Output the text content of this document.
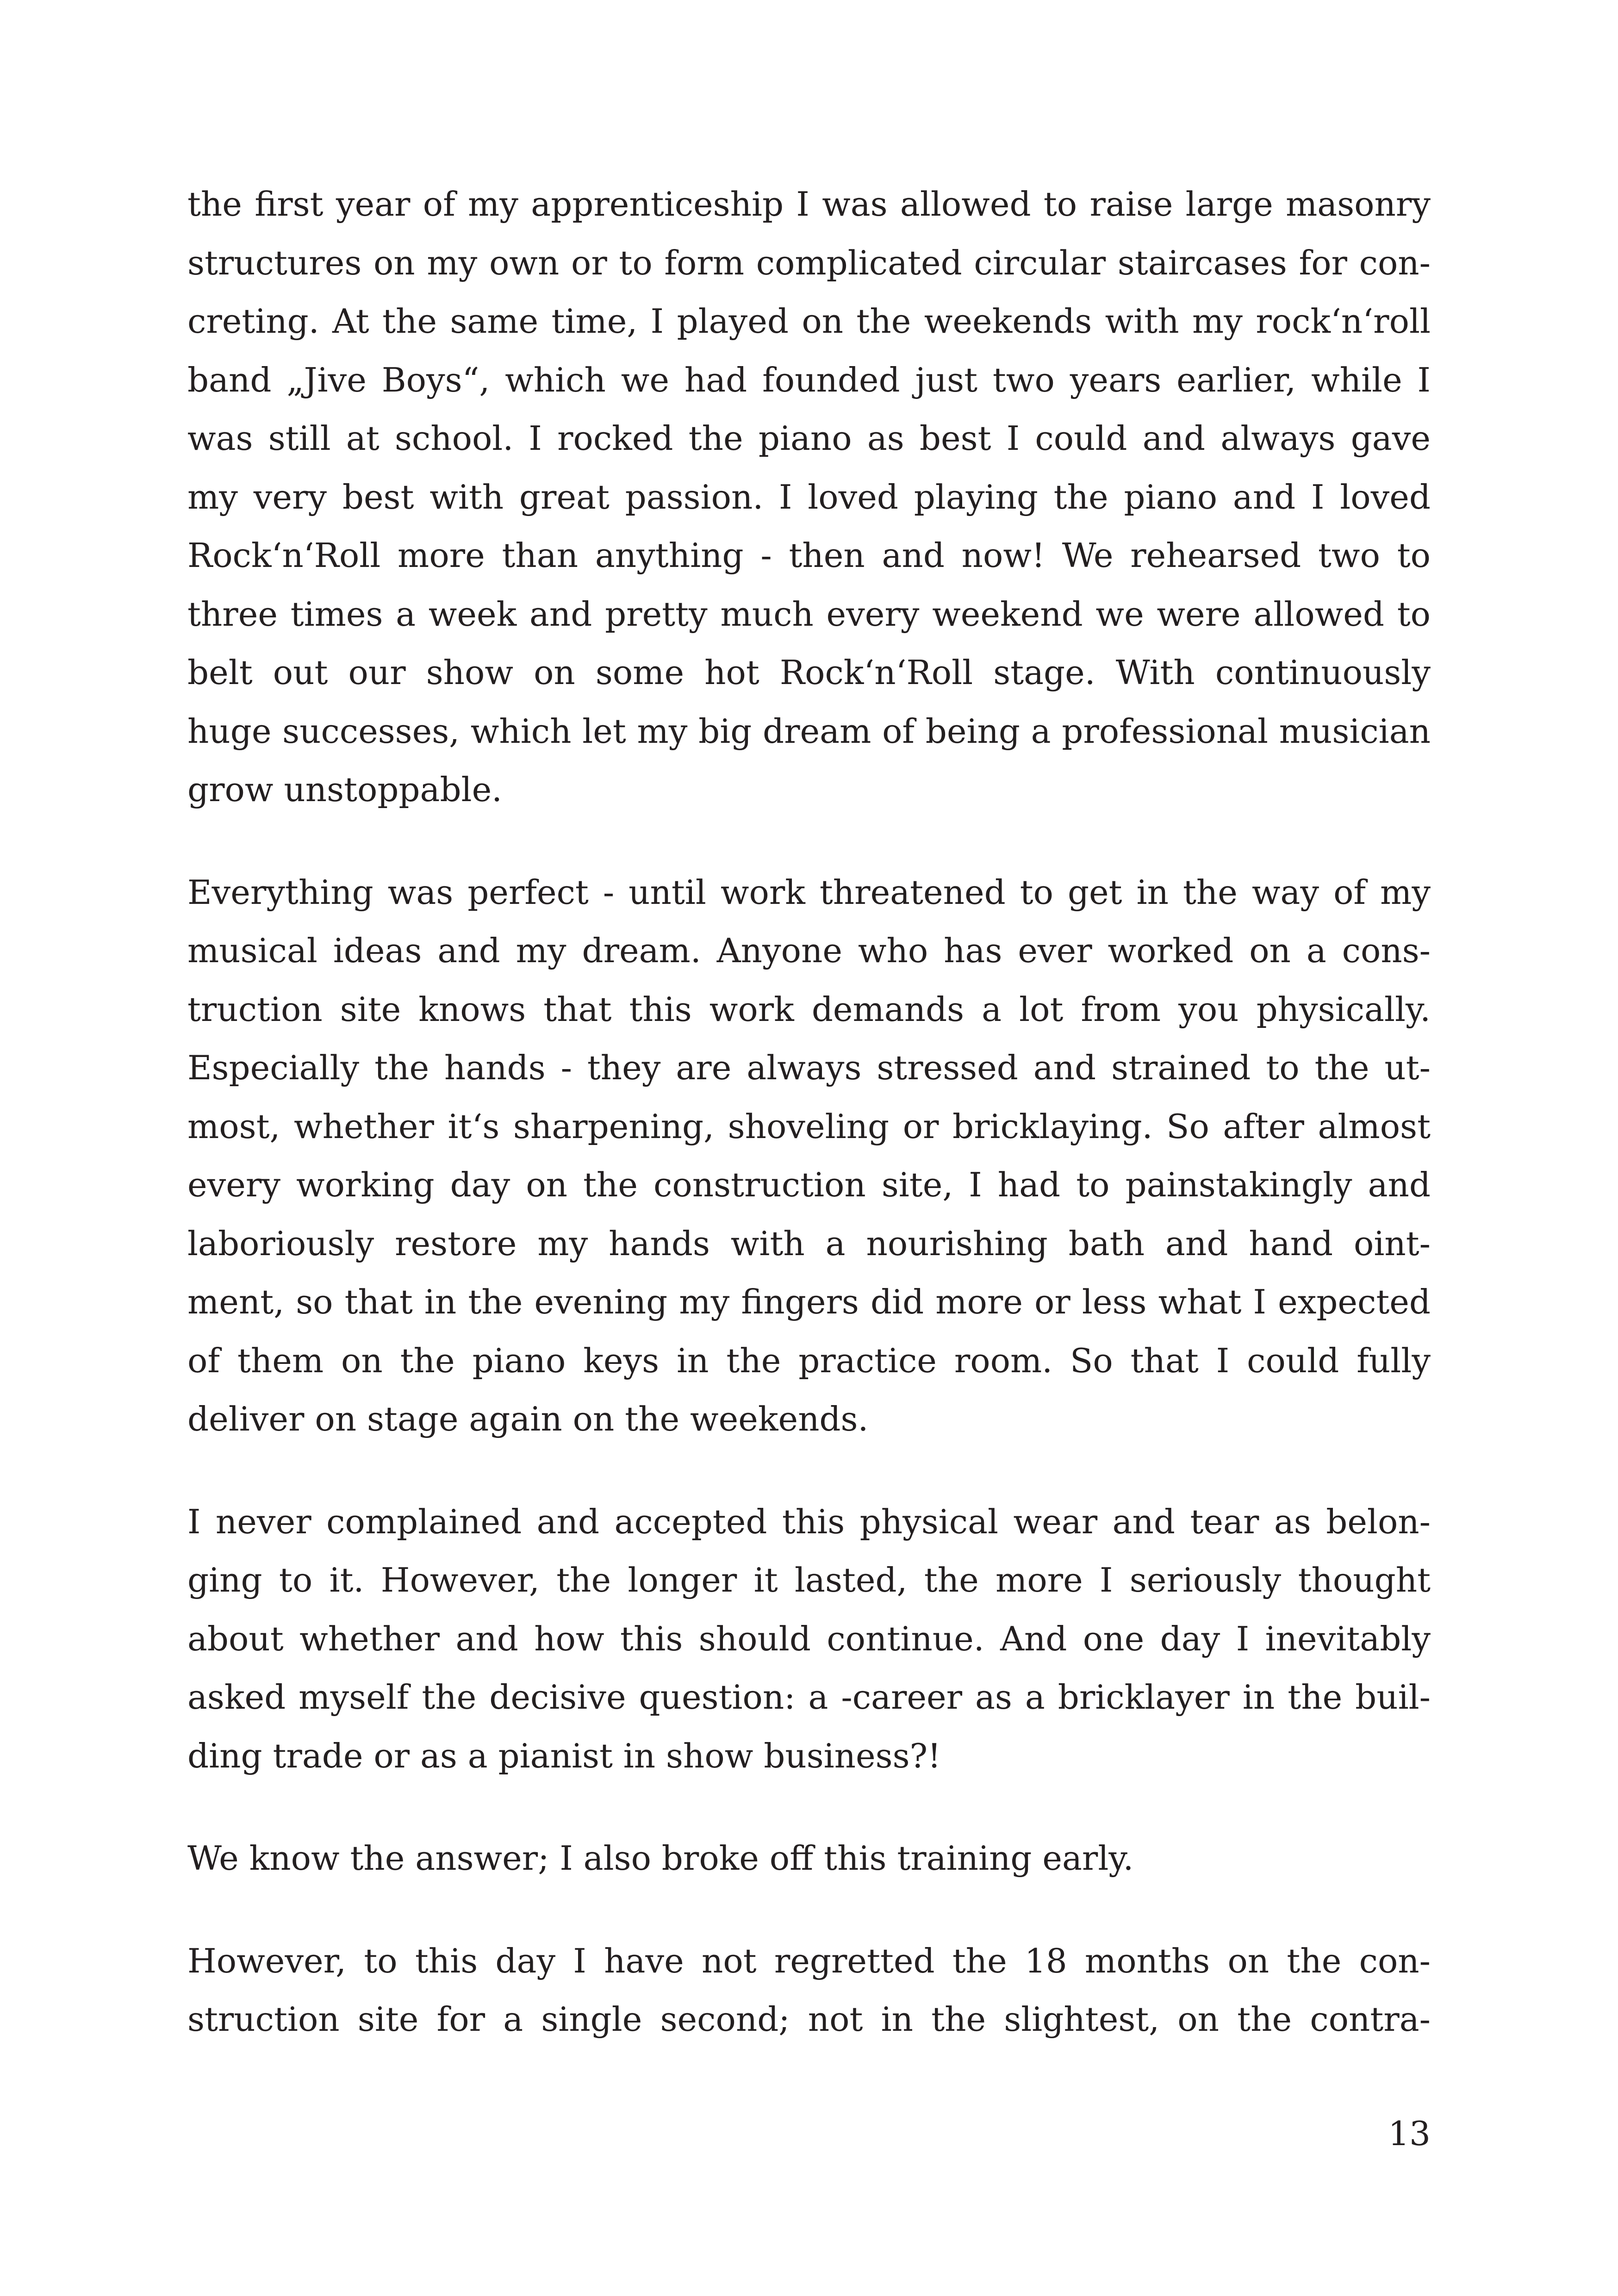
the first year of my apprenticeship I was allowed to raise large masonry
structures on my own or to form complicated circular staircases for con-
creting. At the same time, I played on the weekends with my rock‘n‘roll
band „Jive Boys“, which we had founded just two years earlier, while I
was still at school. I rocked the piano as best I could and always gave
my very best with great passion. I loved playing the piano and I loved
Rock‘n‘Roll more than anything - then and now! We rehearsed two to
three times a week and pretty much every weekend we were allowed to
belt out our show on some hot Rock‘n‘Roll stage. With continuously
huge successes, which let my big dream of being a professional musician
grow unstoppable.
Everything was perfect - until work threatened to get in the way of my
musical ideas and my dream. Anyone who has ever worked on a cons-
truction site knows that this work demands a lot from you physically.
Especially the hands - they are always stressed and strained to the ut-
most, whether it‘s sharpening, shoveling or bricklaying. So after almost
every working day on the construction site, I had to painstakingly and
laboriously restore my hands with a nourishing bath and hand oint-
ment, so that in the evening my fingers did more or less what I expected
of them on the piano keys in the practice room. So that I could fully
deliver on stage again on the weekends.
I never complained and accepted this physical wear and tear as belon-
ging to it. However, the longer it lasted, the more I seriously thought
about whether and how this should continue. And one day I inevitably
asked myself the decisive question: a -career as a bricklayer in the buil-
ding trade or as a pianist in show business?!
We know the answer; I also broke off this training early.
However, to this day I have not regretted the 18 months on the con-
struction site for a single second; not in the slightest, on the contra-
13
